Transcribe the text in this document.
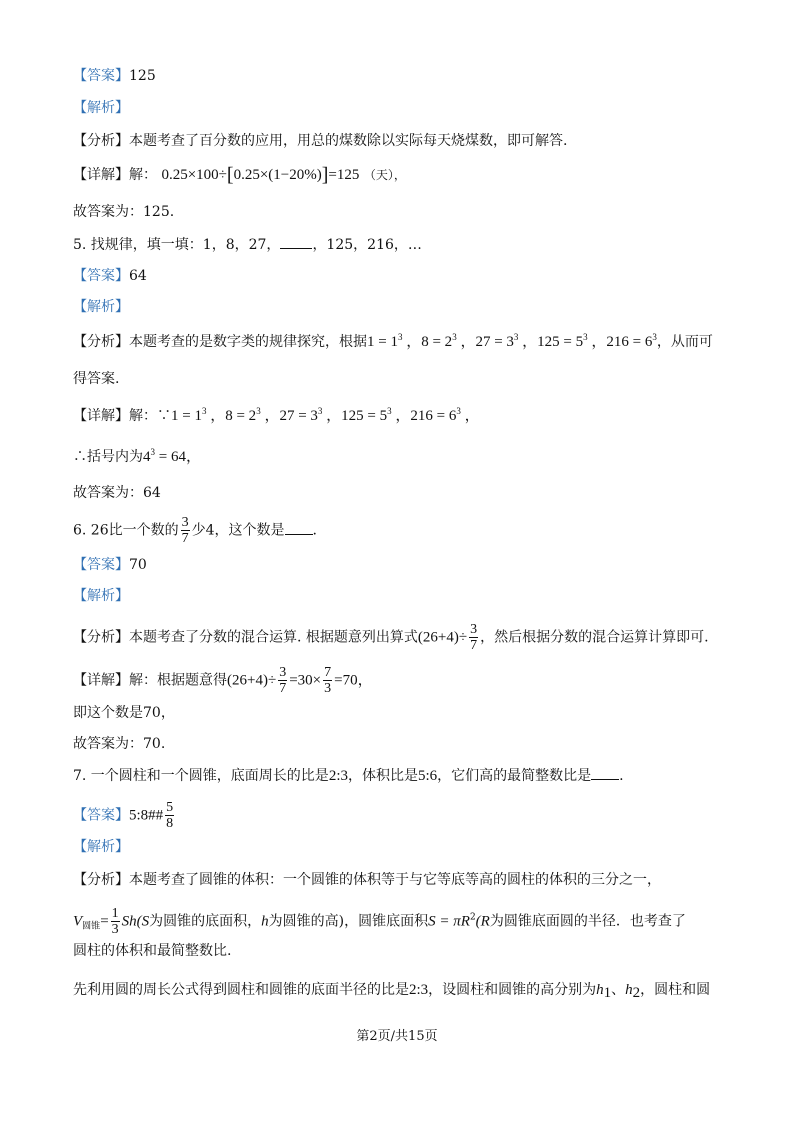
【答案】125
【解析】
【分析】本题考查了百分数的应用，用总的煤数除以实际每天烧煤数，即可解答.
【详解】解： 0.25×100÷[0.25×(1−20%)]=125 （天），
故答案为：125.
5. 找规律，填一填：1，8，27， ，125，216，…
【答案】64
【解析】
【分析】本题考查的是数字类的规律探究，根据$1 = 1^3$ ，$8 = 2^3$ ，$27 = 3^3$ ，$125 = 5^3$ ，$216 = 6^3$，从而可
得答案.
【详解】解：∵1 = $1^3$ ，$8 = 2^3$ ，$27 = 3^3$ ，$125 = 5^3$ ，$216 = 6^3$ ，
∴括号内为$4^3 = 64$，
故答案为：64
6. 26比一个数的 $\frac{3}{7}$ 少4，这个数是 .
【答案】70
【解析】
【分析】本题考查了分数的混合运算. 根据题意列出算式$(26+4)\div \frac{3}{7}$ ，然后根据分数的混合运算计算即可.
【详解】解：根据题意得$(26+4)\div \frac{3}{7} =30\times \frac{7}{3} =70$，
即这个数是70，
故答案为：70.
7. 一个圆柱和一个圆锥，底面周长的比是2:3，体积比是5:6，它们高的最简整数比是 .
【答案】5:8## $\frac{5}{8}$
【解析】
【分析】本题考查了圆锥的体积：一个圆锥的体积等于与它等底等高的圆柱的体积的三分之一，
$V_{圆锥}= \frac{1}{3} Sh(S$为圆锥的底面积，h为圆锥的高)，圆锥底面积$S = \pi R^2(R$为圆锥底面圆的半径．也考查了
圆柱的体积和最简整数比.
先利用圆的周长公式得到圆柱和圆锥的底面半径的比是2:3，设圆柱和圆锥的高分别为$h_1$、$h_2$，圆柱和圆
第2页/共15页
